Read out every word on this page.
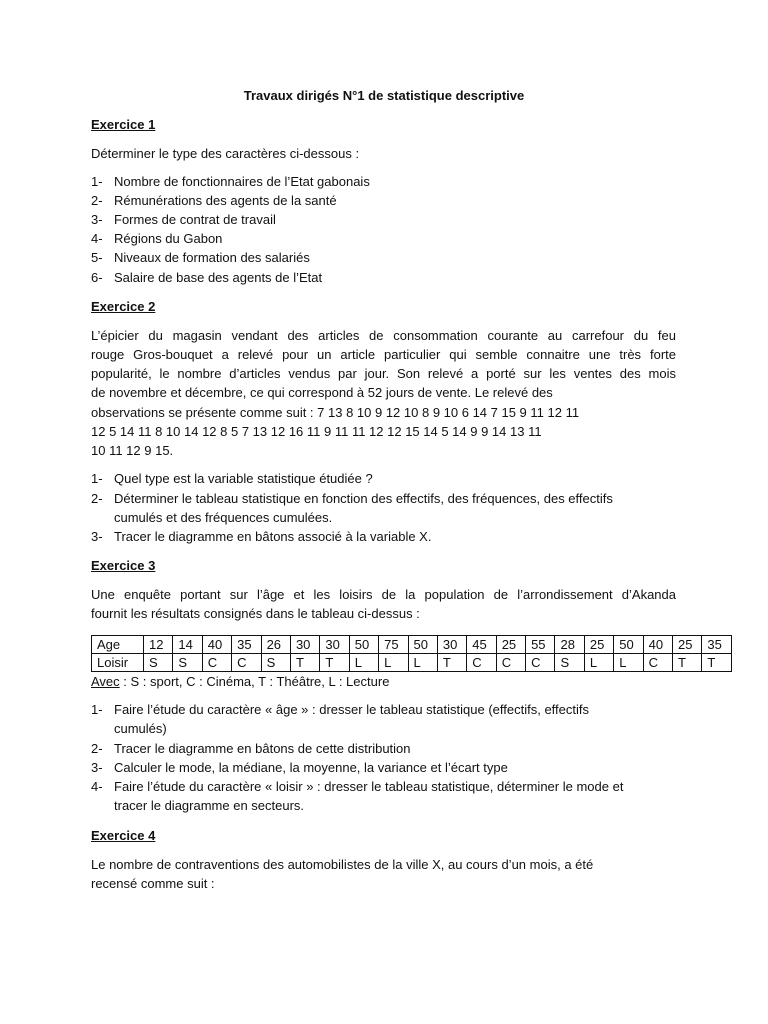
Travaux dirigés N°1 de statistique descriptive
Exercice 1
Déterminer le type des caractères ci-dessous :
1- Nombre de fonctionnaires de l’Etat gabonais
2- Rémunérations des agents de la santé
3- Formes de contrat de travail
4- Régions du Gabon
5- Niveaux de formation des salariés
6- Salaire de base des agents de l’Etat
Exercice 2
L’épicier du magasin vendant des articles de consommation courante au carrefour du feu
rouge Gros-bouquet a relevé pour un article particulier qui semble connaitre une très forte
popularité, le nombre d’articles vendus par jour. Son relevé a porté sur les ventes des mois
de novembre et décembre, ce qui correspond à 52 jours de vente. Le relevé des
observations se présente comme suit : 7 13 8 10 9 12 10 8 9 10 6 14 7 15 9 11 12 11
12 5 14 11 8 10 14 12 8 5 7 13 12 16 11 9 11 11 12 12 15 14 5 14 9 9 14 13 11
10 11 12 9 15.
1- Quel type est la variable statistique étudiée ?
2- Déterminer le tableau statistique en fonction des effectifs, des fréquences, des effectifs
cumulés et des fréquences cumulées.
3- Tracer le diagramme en bâtons associé à la variable X.
Exercice 3
Une enquête portant sur l’âge et les loisirs de la population de l’arrondissement d’Akanda
fournit les résultats consignés dans le tableau ci-dessus :
Age	12	14	40	35	26	30	30	50	75	50	30	45	25	55	28	25	50	40	25	35
Loisir	S	S	C	C	S	T	T	L	L	L	T	C	C	C	S	L	L	C	T	T
Avec : S : sport, C : Cinéma, T : Théâtre, L : Lecture
1- Faire l’étude du caractère « âge » : dresser le tableau statistique (effectifs, effectifs
cumulés)
2- Tracer le diagramme en bâtons de cette distribution
3- Calculer le mode, la médiane, la moyenne, la variance et l’écart type
4- Faire l’étude du caractère « loisir » : dresser le tableau statistique, déterminer le mode et
tracer le diagramme en secteurs.
Exercice 4
Le nombre de contraventions des automobilistes de la ville X, au cours d’un mois, a été
recensé comme suit :
